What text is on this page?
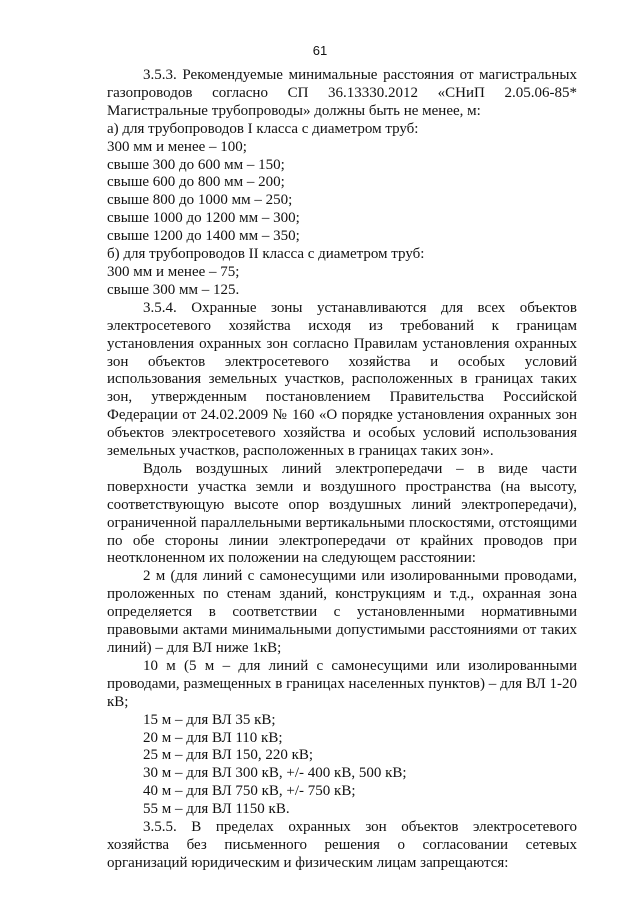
61

3.5.3. Рекомендуемые минимальные расстояния от магистральных газопроводов согласно СП 36.13330.2012 «СНиП 2.05.06-85* Магистральные трубопроводы» должны быть не менее, м:

а) для трубопроводов I класса с диаметром труб:

300 мм и менее – 100;

свыше 300 до 600 мм – 150;

свыше 600 до 800 мм – 200;

свыше 800 до 1000 мм – 250;

свыше 1000 до 1200 мм – 300;

свыше 1200 до 1400 мм – 350;

б) для трубопроводов II класса с диаметром труб:

300 мм и менее – 75;

свыше 300 мм – 125.

3.5.4. Охранные зоны устанавливаются для всех объектов электросетевого хозяйства исходя из требований к границам установления охранных зон согласно Правилам установления охранных зон объектов электросетевого хозяйства и особых условий использования земельных участков, расположенных в границах таких зон, утвержденным постановлением Правительства Российской Федерации от 24.02.2009 № 160 «О порядке установления охранных зон объектов электросетевого хозяйства и особых условий использования земельных участков, расположенных в границах таких зон».

Вдоль воздушных линий электропередачи – в виде части поверхности участка земли и воздушного пространства (на высоту, соответствующую высоте опор воздушных линий электропередачи), ограниченной параллельными вертикальными плоскостями, отстоящими по обе стороны линии электропередачи от крайних проводов при неотклоненном их положении на следующем расстоянии:

2 м (для линий с самонесущими или изолированными проводами, проложенных по стенам зданий, конструкциям и т.д., охранная зона определяется в соответствии с установленными нормативными правовыми актами минимальными допустимыми расстояниями от таких линий) – для ВЛ ниже 1кВ;

10 м (5 м – для линий с самонесущими или изолированными проводами, размещенных в границах населенных пунктов) – для ВЛ 1-20 кВ;

15 м – для ВЛ 35 кВ;

20 м – для ВЛ 110 кВ;

25 м – для ВЛ 150, 220 кВ;

30 м – для ВЛ 300 кВ, +/- 400 кВ, 500 кВ;

40 м – для ВЛ 750 кВ, +/- 750 кВ;

55 м – для ВЛ 1150 кВ.

3.5.5. В пределах охранных зон объектов электросетевого хозяйства без письменного решения о согласовании сетевых организаций юридическим и физическим лицам запрещаются:
